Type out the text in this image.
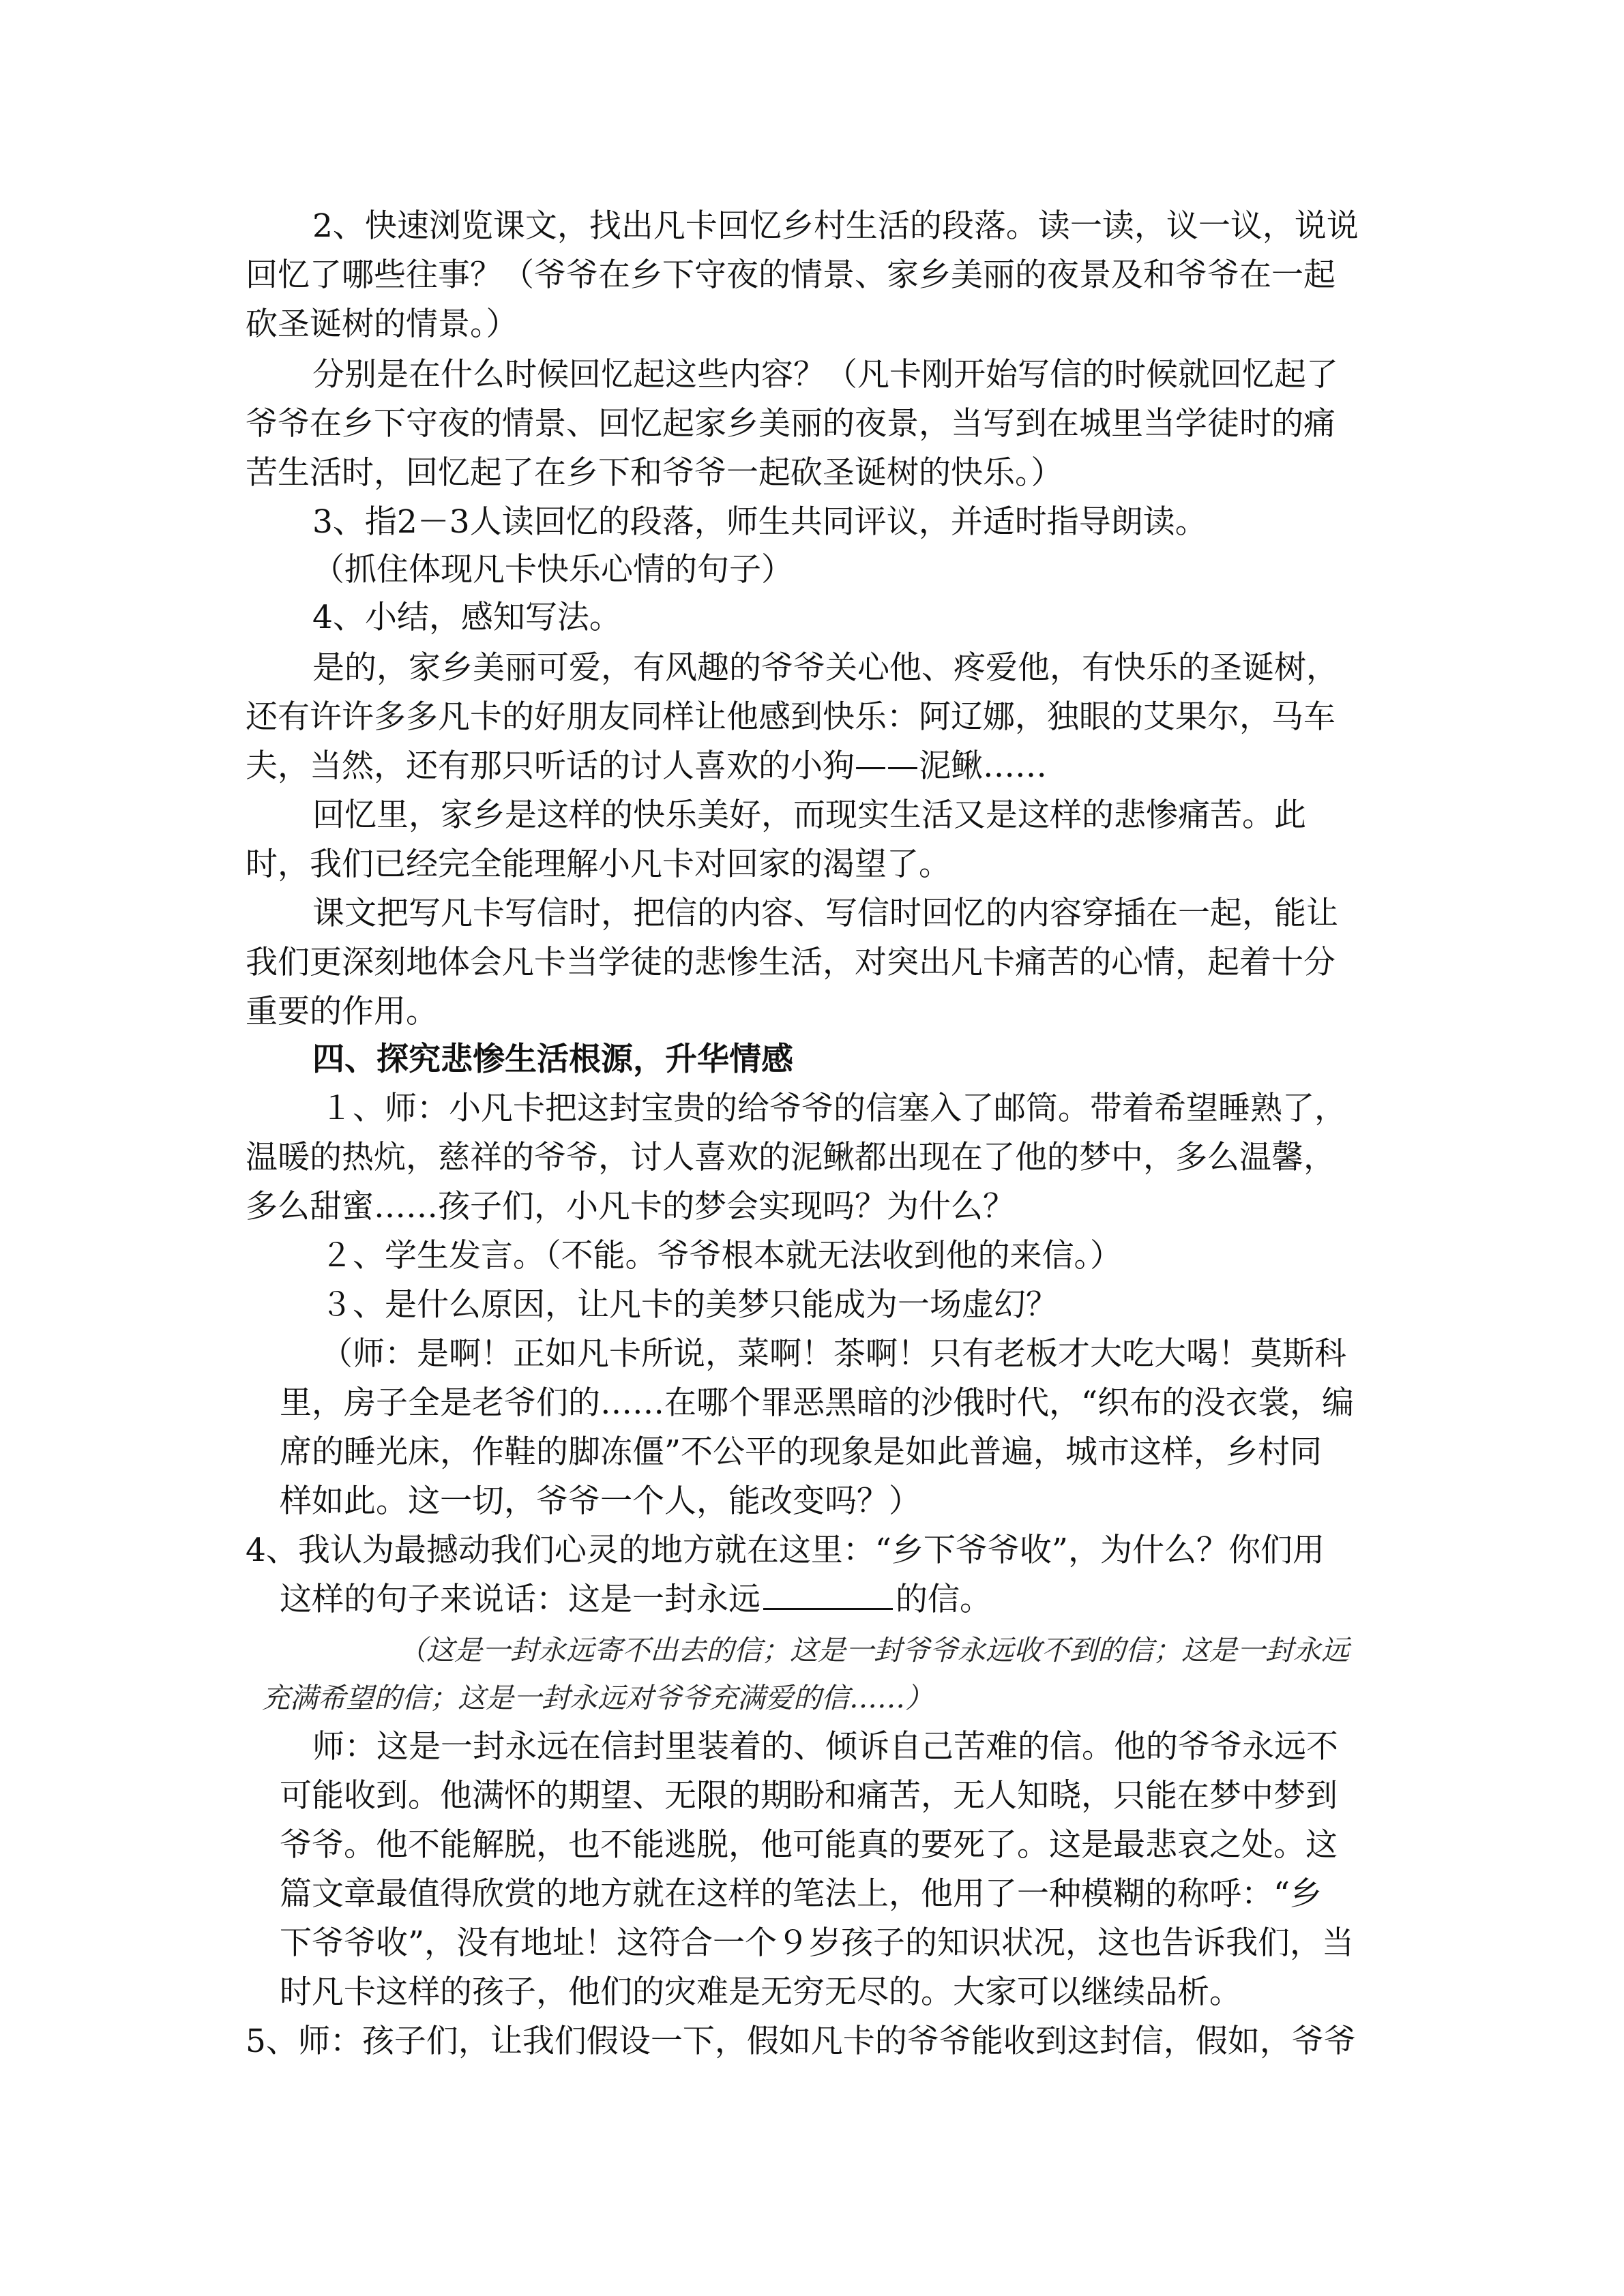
2、快速浏览课文，找出凡卡回忆乡村生活的段落。读一读，议一议，说说
回忆了哪些往事？（爷爷在乡下守夜的情景、家乡美丽的夜景及和爷爷在一起
砍圣诞树的情景。）
分别是在什么时候回忆起这些内容？（凡卡刚开始写信的时候就回忆起了
爷爷在乡下守夜的情景、回忆起家乡美丽的夜景，当写到在城里当学徒时的痛
苦生活时，回忆起了在乡下和爷爷一起砍圣诞树的快乐。）
3、指2－3人读回忆的段落，师生共同评议，并适时指导朗读。
（抓住体现凡卡快乐心情的句子）
4、小结，感知写法。
是的，家乡美丽可爱，有风趣的爷爷关心他、疼爱他，有快乐的圣诞树，
还有许许多多凡卡的好朋友同样让他感到快乐：阿辽娜，独眼的艾果尔，马车
夫，当然，还有那只听话的讨人喜欢的小狗——泥鳅……
回忆里，家乡是这样的快乐美好，而现实生活又是这样的悲惨痛苦。此
时，我们已经完全能理解小凡卡对回家的渴望了。
课文把写凡卡写信时，把信的内容、写信时回忆的内容穿插在一起，能让
我们更深刻地体会凡卡当学徒的悲惨生活，对突出凡卡痛苦的心情，起着十分
重要的作用。
四、探究悲惨生活根源，升华情感
１、师：小凡卡把这封宝贵的给爷爷的信塞入了邮筒。带着希望睡熟了，
温暖的热炕，慈祥的爷爷，讨人喜欢的泥鳅都出现在了他的梦中，多么温馨，
多么甜蜜……孩子们，小凡卡的梦会实现吗？为什么？
２、学生发言。（不能。爷爷根本就无法收到他的来信。）
３、是什么原因，让凡卡的美梦只能成为一场虚幻？
（师：是啊！正如凡卡所说，菜啊！茶啊！只有老板才大吃大喝！莫斯科
里，房子全是老爷们的……在哪个罪恶黑暗的沙俄时代，“织布的没衣裳，编
席的睡光床，作鞋的脚冻僵”不公平的现象是如此普遍，城市这样，乡村同
样如此。这一切，爷爷一个人，能改变吗？）
4、我认为最撼动我们心灵的地方就在这里：“乡下爷爷收”，为什么？你们用
这样的句子来说话：这是一封永远	的信。
（这是一封永远寄不出去的信；这是一封爷爷永远收不到的信；这是一封永远
充满希望的信；这是一封永远对爷爷充满爱的信……）
师：这是一封永远在信封里装着的、倾诉自己苦难的信。他的爷爷永远不
可能收到。他满怀的期望、无限的期盼和痛苦，无人知晓，只能在梦中梦到
爷爷。他不能解脱，也不能逃脱，他可能真的要死了。这是最悲哀之处。这
篇文章最值得欣赏的地方就在这样的笔法上，他用了一种模糊的称呼：“乡
下爷爷收”，没有地址！这符合一个９岁孩子的知识状况，这也告诉我们，当
时凡卡这样的孩子，他们的灾难是无穷无尽的。大家可以继续品析。
5、师：孩子们，让我们假设一下，假如凡卡的爷爷能收到这封信，假如，爷爷
